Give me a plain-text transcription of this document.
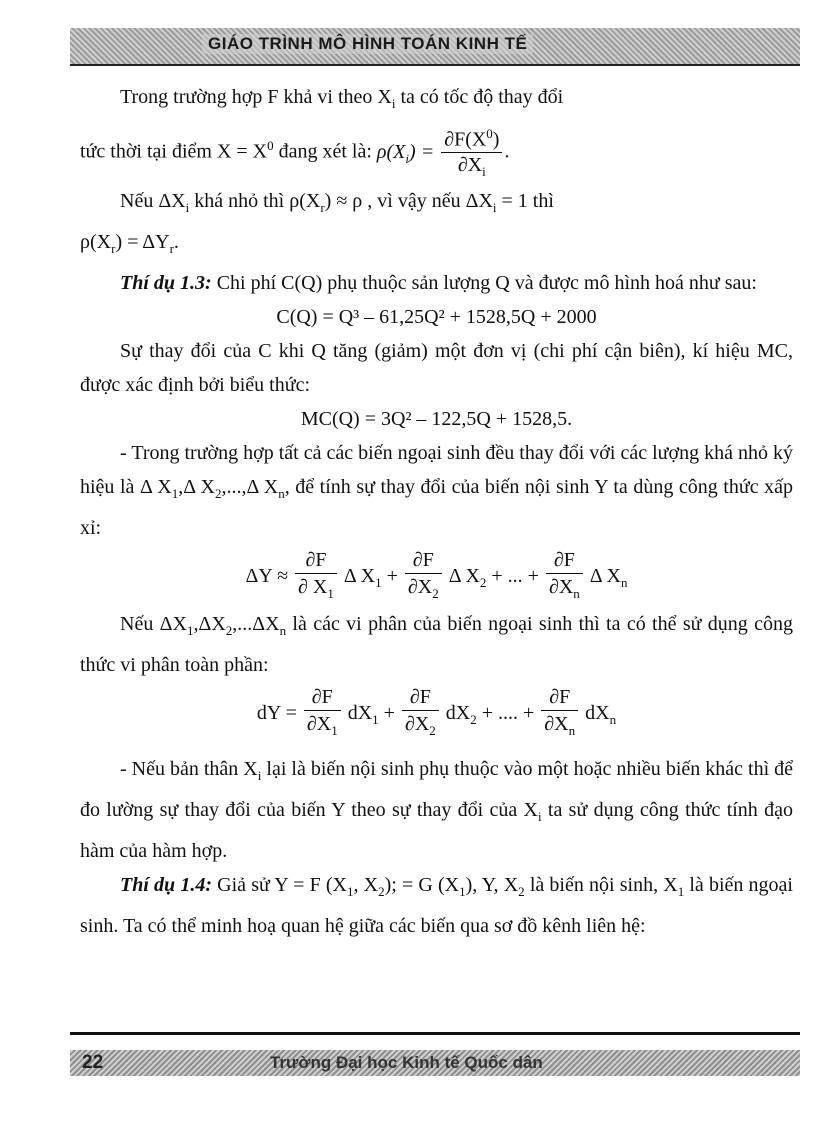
GIÁO TRÌNH MÔ HÌNH TOÁN KINH TẾ

Trong trường hợp F khả vi theo $X_i$ ta có tốc độ thay đổi

tức thời tại điểm $X = X^0$ đang xét là: $\rho(X_i) = \frac{\partial F(X^0)}{\partial X_i}$ .

Nếu $\Delta X_i$ khá nhỏ thì $\rho(X_r) \approx \rho$ , vì vậy nếu $\Delta X_i = 1$ thì

$\rho(X_r) = \Delta Y_r$.

Thí dụ 1.3: Chi phí C(Q) phụ thuộc sản lượng Q và được mô hình hoá như sau:

C(Q) = Q³ – 61,25Q² + 1528,5Q + 2000

Sự thay đổi của C khi Q tăng (giảm) một đơn vị (chi phí cận biên), kí hiệu MC, được xác định bởi biểu thức:

MC(Q) = 3Q² – 122,5Q + 1528,5.

- Trong trường hợp tất cả các biến ngoại sinh đều thay đổi với các lượng khá nhỏ ký hiệu là Δ $X_1,\Delta$ $X_2,...,\Delta$ $X_n$, để tính sự thay đổi của biến nội sinh Y ta dùng công thức xấp xỉ:

$\Delta Y \approx \frac{\partial F}{\partial X_1}$ Δ $X_1 + \frac{\partial F}{\partial X_2}$ Δ $X_2$ + ... + $\frac{\partial F}{\partial X_n}$ Δ $X_n$

Nếu $\Delta X_1,\Delta X_2,...\Delta X_n$ là các vi phân của biến ngoại sinh thì ta có thể sử dụng công thức vi phân toàn phần:

dY = $\frac{\partial F}{\partial X_1} dX_1 + \frac{\partial F}{\partial X_2} dX_2$ + .... + $\frac{\partial F}{\partial X_n} dX_n$

- Nếu bản thân $X_i$ lại là biến nội sinh phụ thuộc vào một hoặc nhiều biến khác thì để đo lường sự thay đổi của biến Y theo sự thay đổi của $X_i$ ta sử dụng công thức tính đạo hàm của hàm hợp.

Thí dụ 1.4: Giả sử Y = F ($X_1$, $X_2$); = G $(X_1)$, Y, $X_2$ là biến nội sinh, $X_1$ là biến ngoại sinh. Ta có thể minh hoạ quan hệ giữa các biến qua sơ đồ kênh liên hệ:

22	Trường Đại học Kinh tế Quốc dân
